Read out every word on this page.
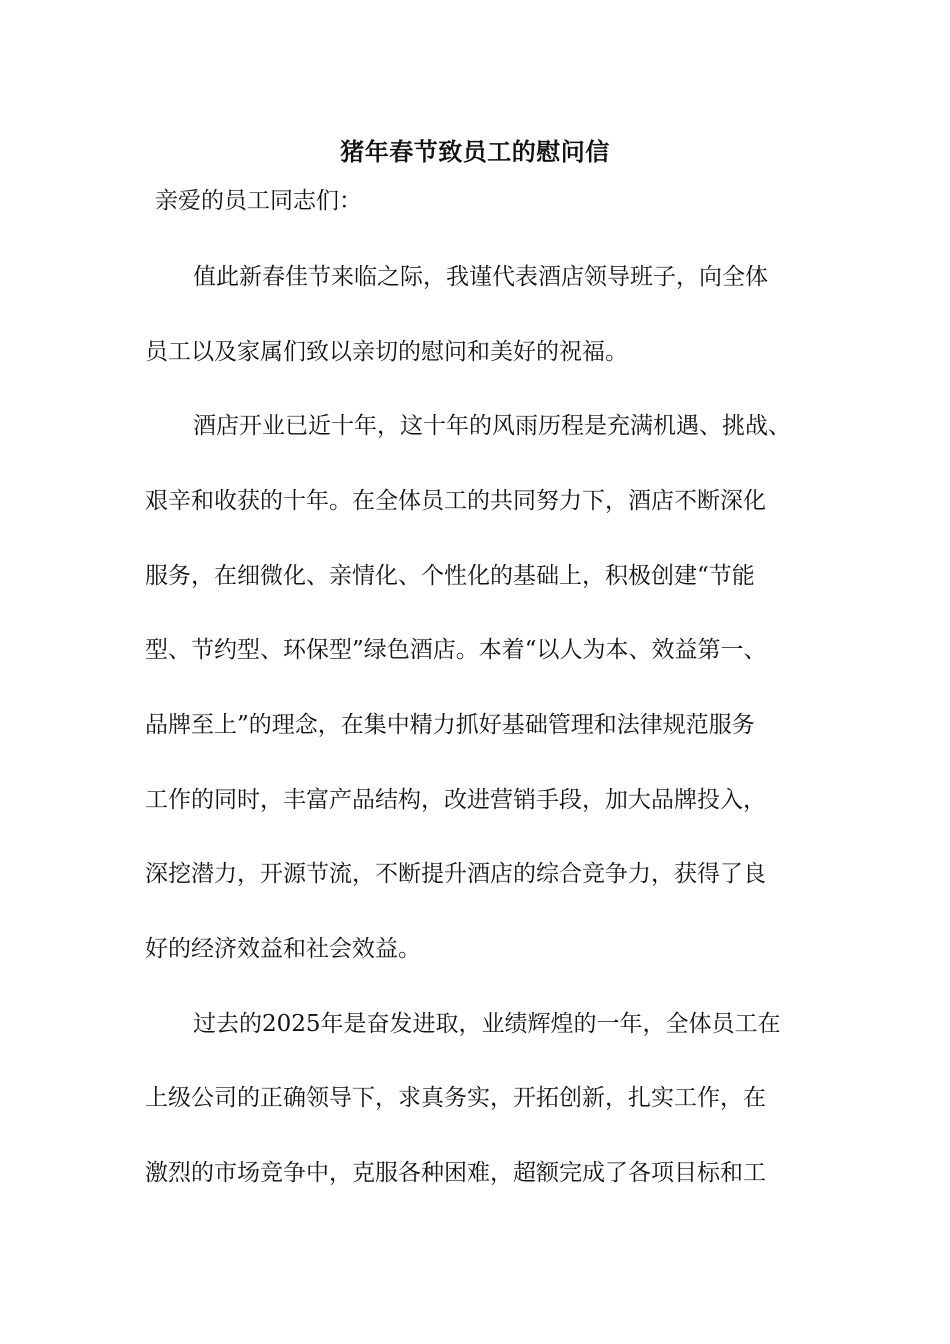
猪年春节致员工的慰问信

亲爱的员工同志们：

值此新春佳节来临之际，我谨代表酒店领导班子，向全体

员工以及家属们致以亲切的慰问和美好的祝福。

酒店开业已近十年，这十年的风雨历程是充满机遇、挑战、

艰辛和收获的十年。在全体员工的共同努力下，酒店不断深化

服务，在细微化、亲情化、个性化的基础上，积极创建“节能

型、节约型、环保型”绿色酒店。本着“以人为本、效益第一、

品牌至上”的理念，在集中精力抓好基础管理和法律规范服务

工作的同时，丰富产品结构，改进营销手段，加大品牌投入，

深挖潜力，开源节流，不断提升酒店的综合竞争力，获得了良

好的经济效益和社会效益。

过去的2025年是奋发进取，业绩辉煌的一年，全体员工在

上级公司的正确领导下，求真务实，开拓创新，扎实工作，在

激烈的市场竞争中，克服各种困难，超额完成了各项目标和工
